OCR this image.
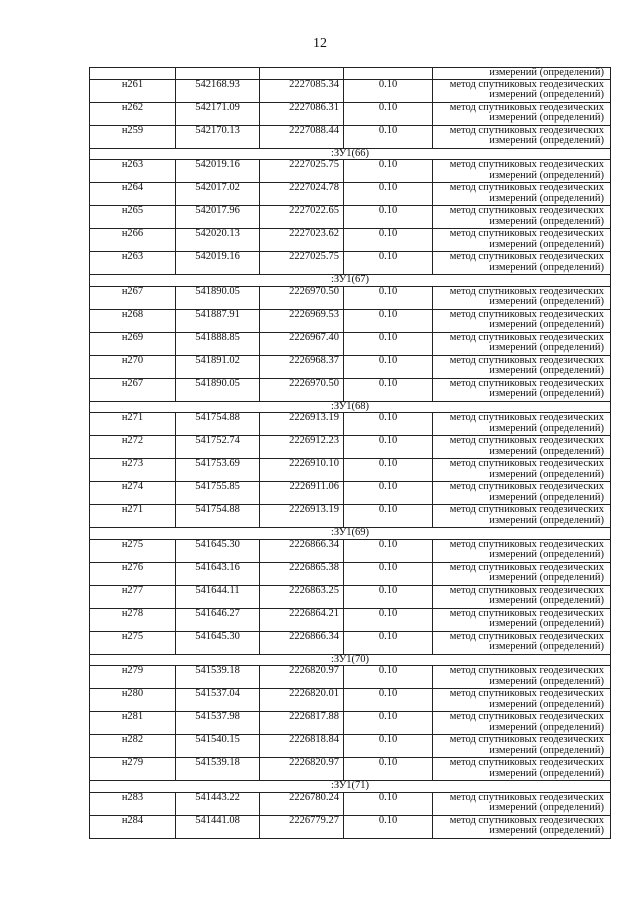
12
				измерений (определений)
н261	542168.93	2227085.34	0.10	метод спутниковых геодезических измерений (определений)
н262	542171.09	2227086.31	0.10	метод спутниковых геодезических измерений (определений)
н259	542170.13	2227088.44	0.10	метод спутниковых геодезических измерений (определений)
:ЗУ1(66)				
н263	542019.16	2227025.75	0.10	метод спутниковых геодезических измерений (определений)
н264	542017.02	2227024.78	0.10	метод спутниковых геодезических измерений (определений)
н265	542017.96	2227022.65	0.10	метод спутниковых геодезических измерений (определений)
н266	542020.13	2227023.62	0.10	метод спутниковых геодезических измерений (определений)
н263	542019.16	2227025.75	0.10	метод спутниковых геодезических измерений (определений)
:ЗУ1(67)				
н267	541890.05	2226970.50	0.10	метод спутниковых геодезических измерений (определений)
н268	541887.91	2226969.53	0.10	метод спутниковых геодезических измерений (определений)
н269	541888.85	2226967.40	0.10	метод спутниковых геодезических измерений (определений)
н270	541891.02	2226968.37	0.10	метод спутниковых геодезических измерений (определений)
н267	541890.05	2226970.50	0.10	метод спутниковых геодезических измерений (определений)
:ЗУ1(68)				
н271	541754.88	2226913.19	0.10	метод спутниковых геодезических измерений (определений)
н272	541752.74	2226912.23	0.10	метод спутниковых геодезических измерений (определений)
н273	541753.69	2226910.10	0.10	метод спутниковых геодезических измерений (определений)
н274	541755.85	2226911.06	0.10	метод спутниковых геодезических измерений (определений)
н271	541754.88	2226913.19	0.10	метод спутниковых геодезических измерений (определений)
:ЗУ1(69)				
н275	541645.30	2226866.34	0.10	метод спутниковых геодезических измерений (определений)
н276	541643.16	2226865.38	0.10	метод спутниковых геодезических измерений (определений)
н277	541644.11	2226863.25	0.10	метод спутниковых геодезических измерений (определений)
н278	541646.27	2226864.21	0.10	метод спутниковых геодезических измерений (определений)
н275	541645.30	2226866.34	0.10	метод спутниковых геодезических измерений (определений)
:ЗУ1(70)				
н279	541539.18	2226820.97	0.10	метод спутниковых геодезических измерений (определений)
н280	541537.04	2226820.01	0.10	метод спутниковых геодезических измерений (определений)
н281	541537.98	2226817.88	0.10	метод спутниковых геодезических измерений (определений)
н282	541540.15	2226818.84	0.10	метод спутниковых геодезических измерений (определений)
н279	541539.18	2226820.97	0.10	метод спутниковых геодезических измерений (определений)
:ЗУ1(71)				
н283	541443.22	2226780.24	0.10	метод спутниковых геодезических измерений (определений)
н284	541441.08	2226779.27	0.10	метод спутниковых геодезических измерений (определений)
